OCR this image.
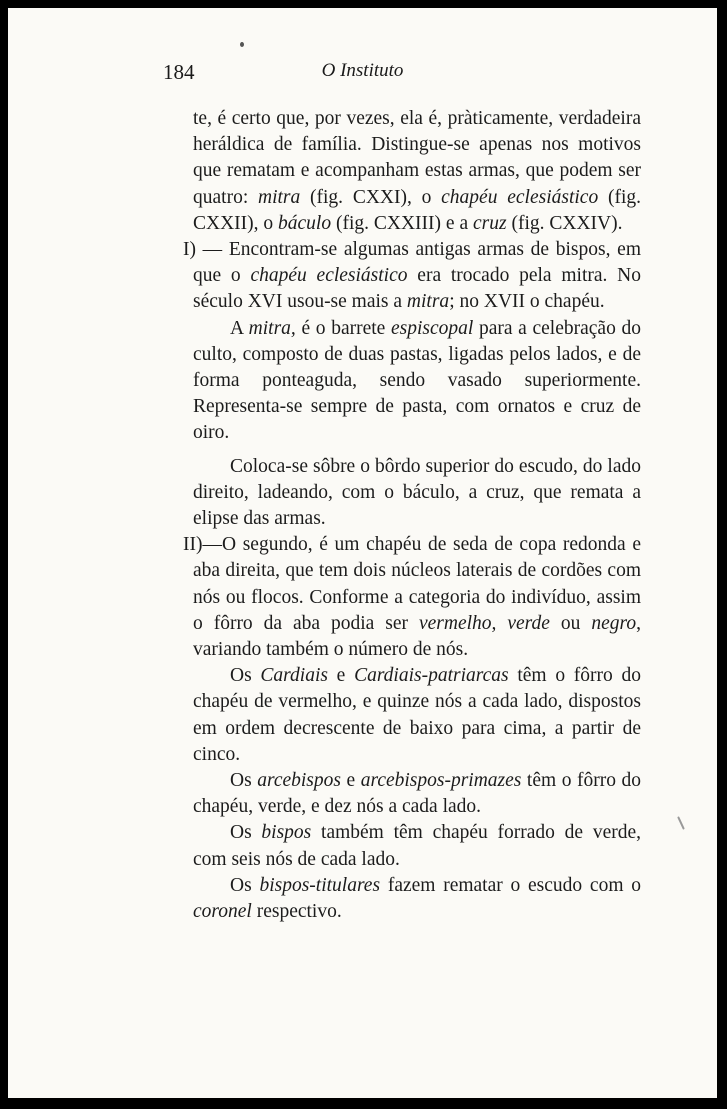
184	O Instituto

te, é certo que, por vezes, ela é, pràticamente, verdadeira heráldica de família. Distingue-se apenas nos motivos que rematam e acompanham estas armas, que podem ser quatro: mitra (fig. CXXI), o chapéu eclesiástico (fig. CXXII), o báculo (fig. CXXIII) e a cruz (fig. CXXIV).

I) — Encontram-se algumas antigas armas de bispos, em que o chapéu eclesiástico era trocado pela mitra. No século XVI usou-se mais a mitra; no XVII o chapéu.

A mitra, é o barrete espiscopal para a celebração do culto, composto de duas pastas, ligadas pelos lados, e de forma ponteaguda, sendo vasado superiormente. Representa-se sempre de pasta, com ornatos e cruz de oiro.

Coloca-se sôbre o bôrdo superior do escudo, do lado direito, ladeando, com o báculo, a cruz, que remata a elipse das armas.

II)—O segundo, é um chapéu de seda de copa redonda e aba direita, que tem dois núcleos laterais de cordões com nós ou flocos. Conforme a categoria do indivíduo, assim o fôrro da aba podia ser vermelho, verde ou negro, variando também o número de nós.

Os Cardiais e Cardiais-patriarcas têm o fôrro do chapéu de vermelho, e quinze nós a cada lado, dispostos em ordem decrescente de baixo para cima, a partir de cinco.

Os arcebispos e arcebispos-primazes têm o fôrro do chapéu, verde, e dez nós a cada lado.

Os bispos também têm chapéu forrado de verde, com seis nós de cada lado.

Os bispos-titulares fazem rematar o escudo com o coronel respectivo.
